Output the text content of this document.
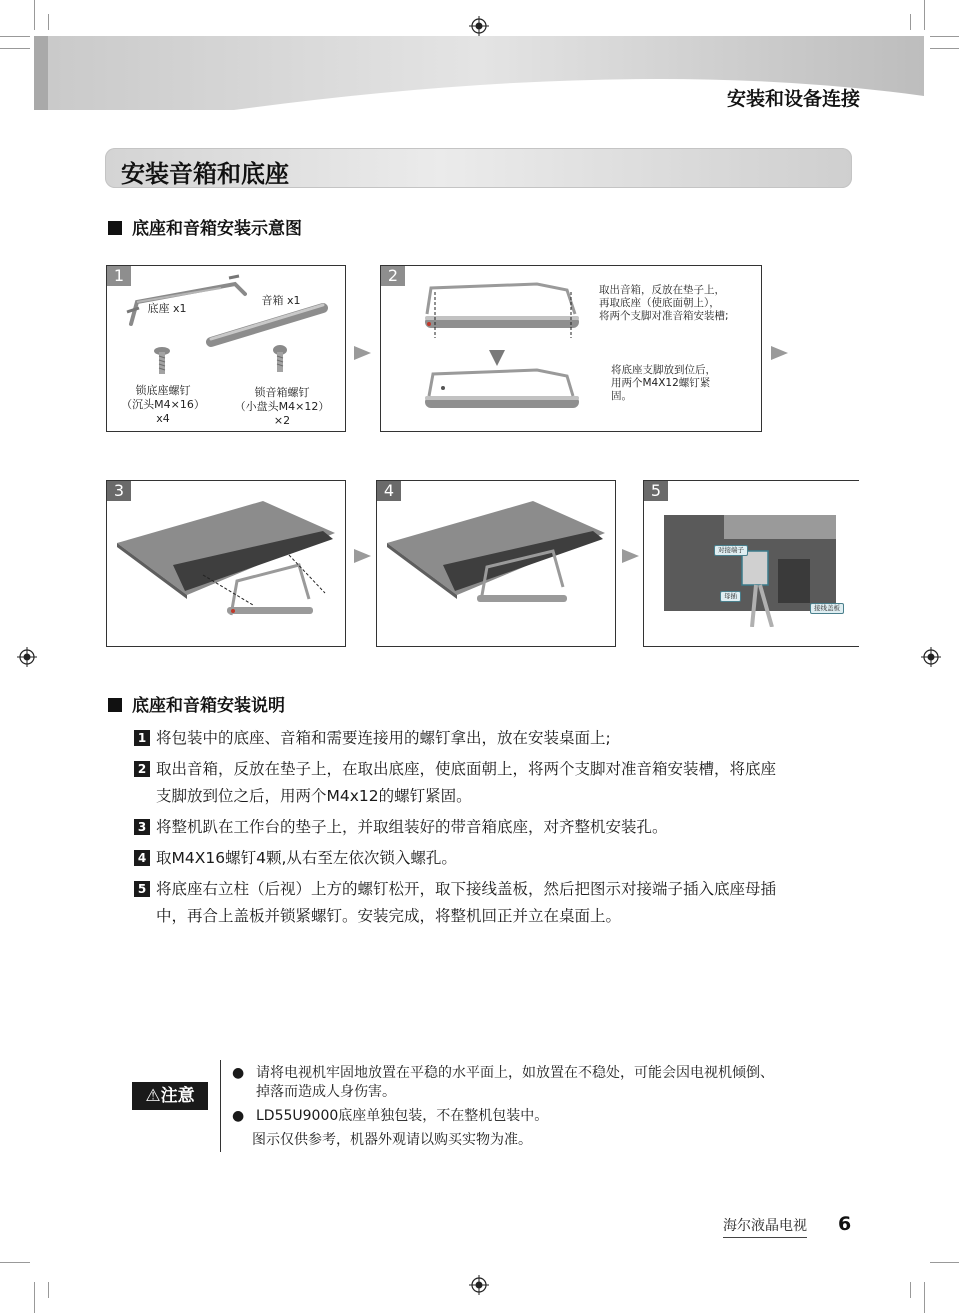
安装和设备连接
安装音箱和底座
底座和音箱安装示意图
1
底座 x1
音箱 x1
锁底座螺钉
（沉头M4×16）
x4
锁音箱螺钉
（小盘头M4×12）
×2
2
取出音箱，反放在垫子上，
再取底座（使底面朝上），
将两个支脚对准音箱安装槽;
将底座支脚放到位后，
用两个M4X12螺钉紧
固。
3	4	5
对接端子
母插
接线盖板
底座和音箱安装说明
1 将包装中的底座、音箱和需要连接用的螺钉拿出，放在安装桌面上;
2 取出音箱，反放在垫子上，在取出底座，使底面朝上，将两个支脚对准音箱安装槽，将底座
支脚放到位之后，用两个M4x12的螺钉紧固。
3 将整机趴在工作台的垫子上，并取组装好的带音箱底座，对齐整机安装孔。
4 取M4X16螺钉4颗,从右至左依次锁入螺孔。
5 将底座右立柱（后视）上方的螺钉松开，取下接线盖板，然后把图示对接端子插入底座母插
中，再合上盖板并锁紧螺钉。安装完成，将整机回正并立在桌面上。
⚠注意
● 请将电视机牢固地放置在平稳的水平面上，如放置在不稳处，可能会因电视机倾倒、
掉落而造成人身伤害。
● LD55U9000底座单独包装，不在整机包装中。
图示仅供参考，机器外观请以购买实物为准。
海尔液晶电视 6
